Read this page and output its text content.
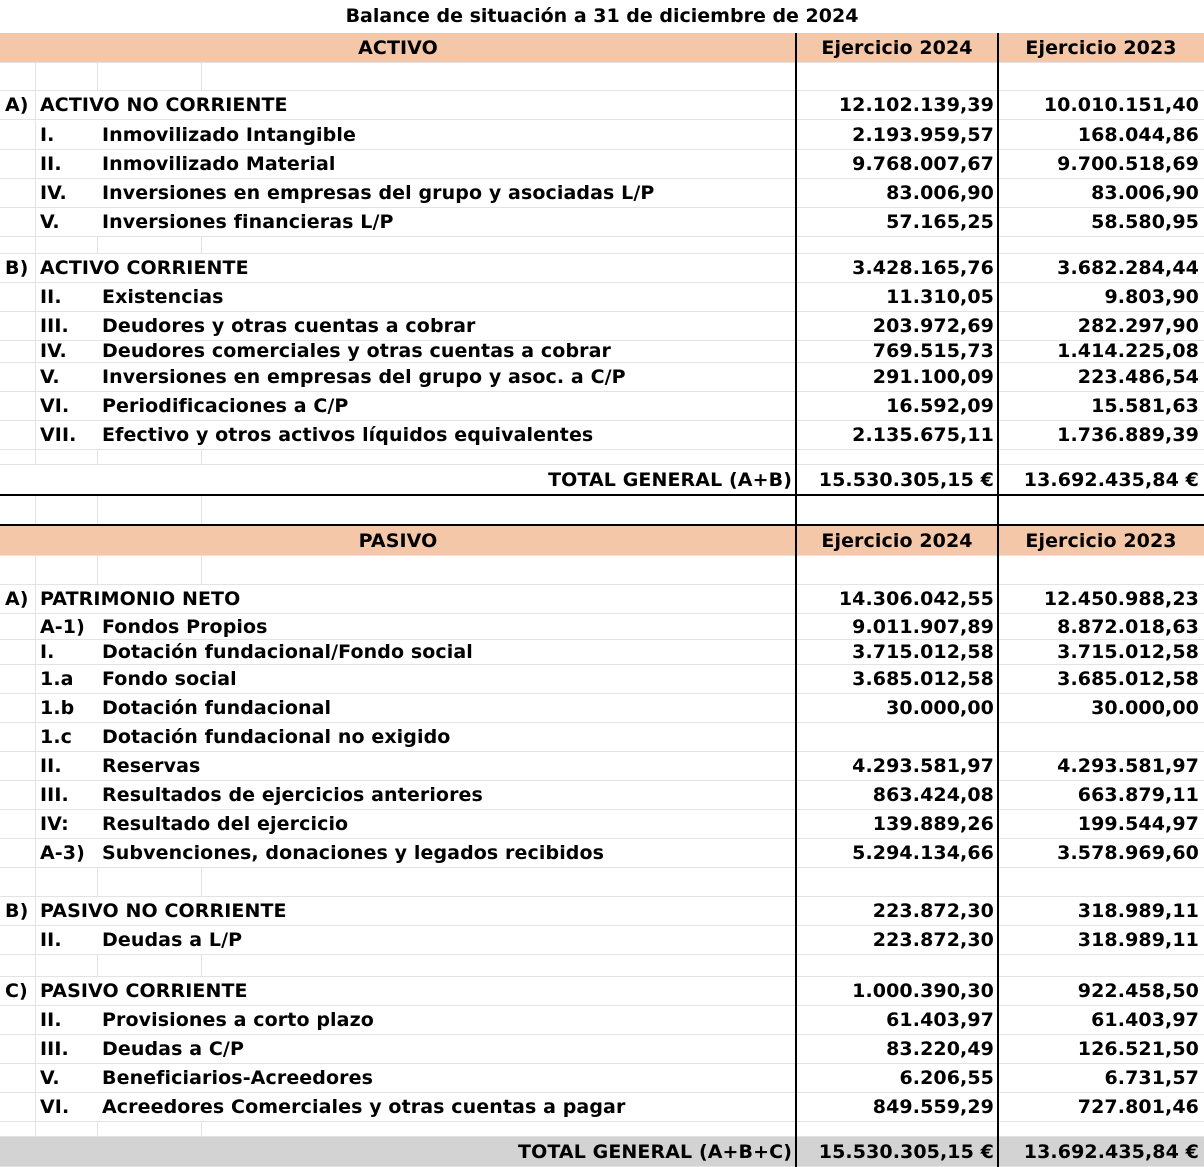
Balance de situación a 31 de diciembre de 2024
ACTIVO	Ejercicio 2024	Ejercicio 2023
A) ACTIVO NO CORRIENTE	12.102.139,39	10.010.151,40
I.	Inmovilizado Intangible	2.193.959,57	168.044,86
II.	Inmovilizado Material	9.768.007,67	9.700.518,69
IV.	Inversiones en empresas del grupo y asociadas L/P	83.006,90	83.006,90
V.	Inversiones financieras L/P	57.165,25	58.580,95
B) ACTIVO CORRIENTE	3.428.165,76	3.682.284,44
II.	Existencias	11.310,05	9.803,90
III.	Deudores y otras cuentas a cobrar	203.972,69	282.297,90
IV.	Deudores comerciales y otras cuentas a cobrar	769.515,73	1.414.225,08
V.	Inversiones en empresas del grupo y asoc. a C/P	291.100,09	223.486,54
VI.	Periodificaciones a C/P	16.592,09	15.581,63
VII.	Efectivo y otros activos líquidos equivalentes	2.135.675,11	1.736.889,39
TOTAL GENERAL (A+B)	15.530.305,15 €	13.692.435,84 €
PASIVO	Ejercicio 2024	Ejercicio 2023
A) PATRIMONIO NETO	14.306.042,55	12.450.988,23
A-1) Fondos Propios	9.011.907,89	8.872.018,63
I.	Dotación fundacional/Fondo social	3.715.012,58	3.715.012,58
1.a	Fondo social	3.685.012,58	3.685.012,58
1.b	Dotación fundacional	30.000,00	30.000,00
1.c	Dotación fundacional no exigido
II.	Reservas	4.293.581,97	4.293.581,97
III.	Resultados de ejercicios anteriores	863.424,08	663.879,11
IV:	Resultado del ejercicio	139.889,26	199.544,97
A-3) Subvenciones, donaciones y legados recibidos	5.294.134,66	3.578.969,60
B) PASIVO NO CORRIENTE	223.872,30	318.989,11
II.	Deudas a L/P	223.872,30	318.989,11
C) PASIVO CORRIENTE	1.000.390,30	922.458,50
II.	Provisiones a corto plazo	61.403,97	61.403,97
III.	Deudas a C/P	83.220,49	126.521,50
V.	Beneficiarios-Acreedores	6.206,55	6.731,57
VI.	Acreedores Comerciales y otras cuentas a pagar	849.559,29	727.801,46
TOTAL GENERAL (A+B+C)	15.530.305,15 €	13.692.435,84 €
